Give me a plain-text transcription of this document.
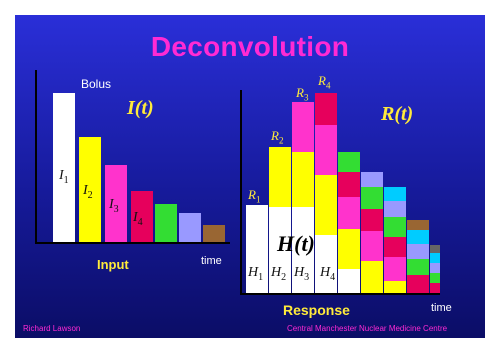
Deconvolution
$I_1$
$I_2$
$I_3$
$I_4$
Bolus
I(t)
Input	time
$H_1$ $H_2$ $H_3$ $H_4$
$R_1$
$R_2$
$R_3$
$R_4$
H(t)
R(t)
Response	time
Richard Lawson	Central Manchester Nuclear Medicine Centre
